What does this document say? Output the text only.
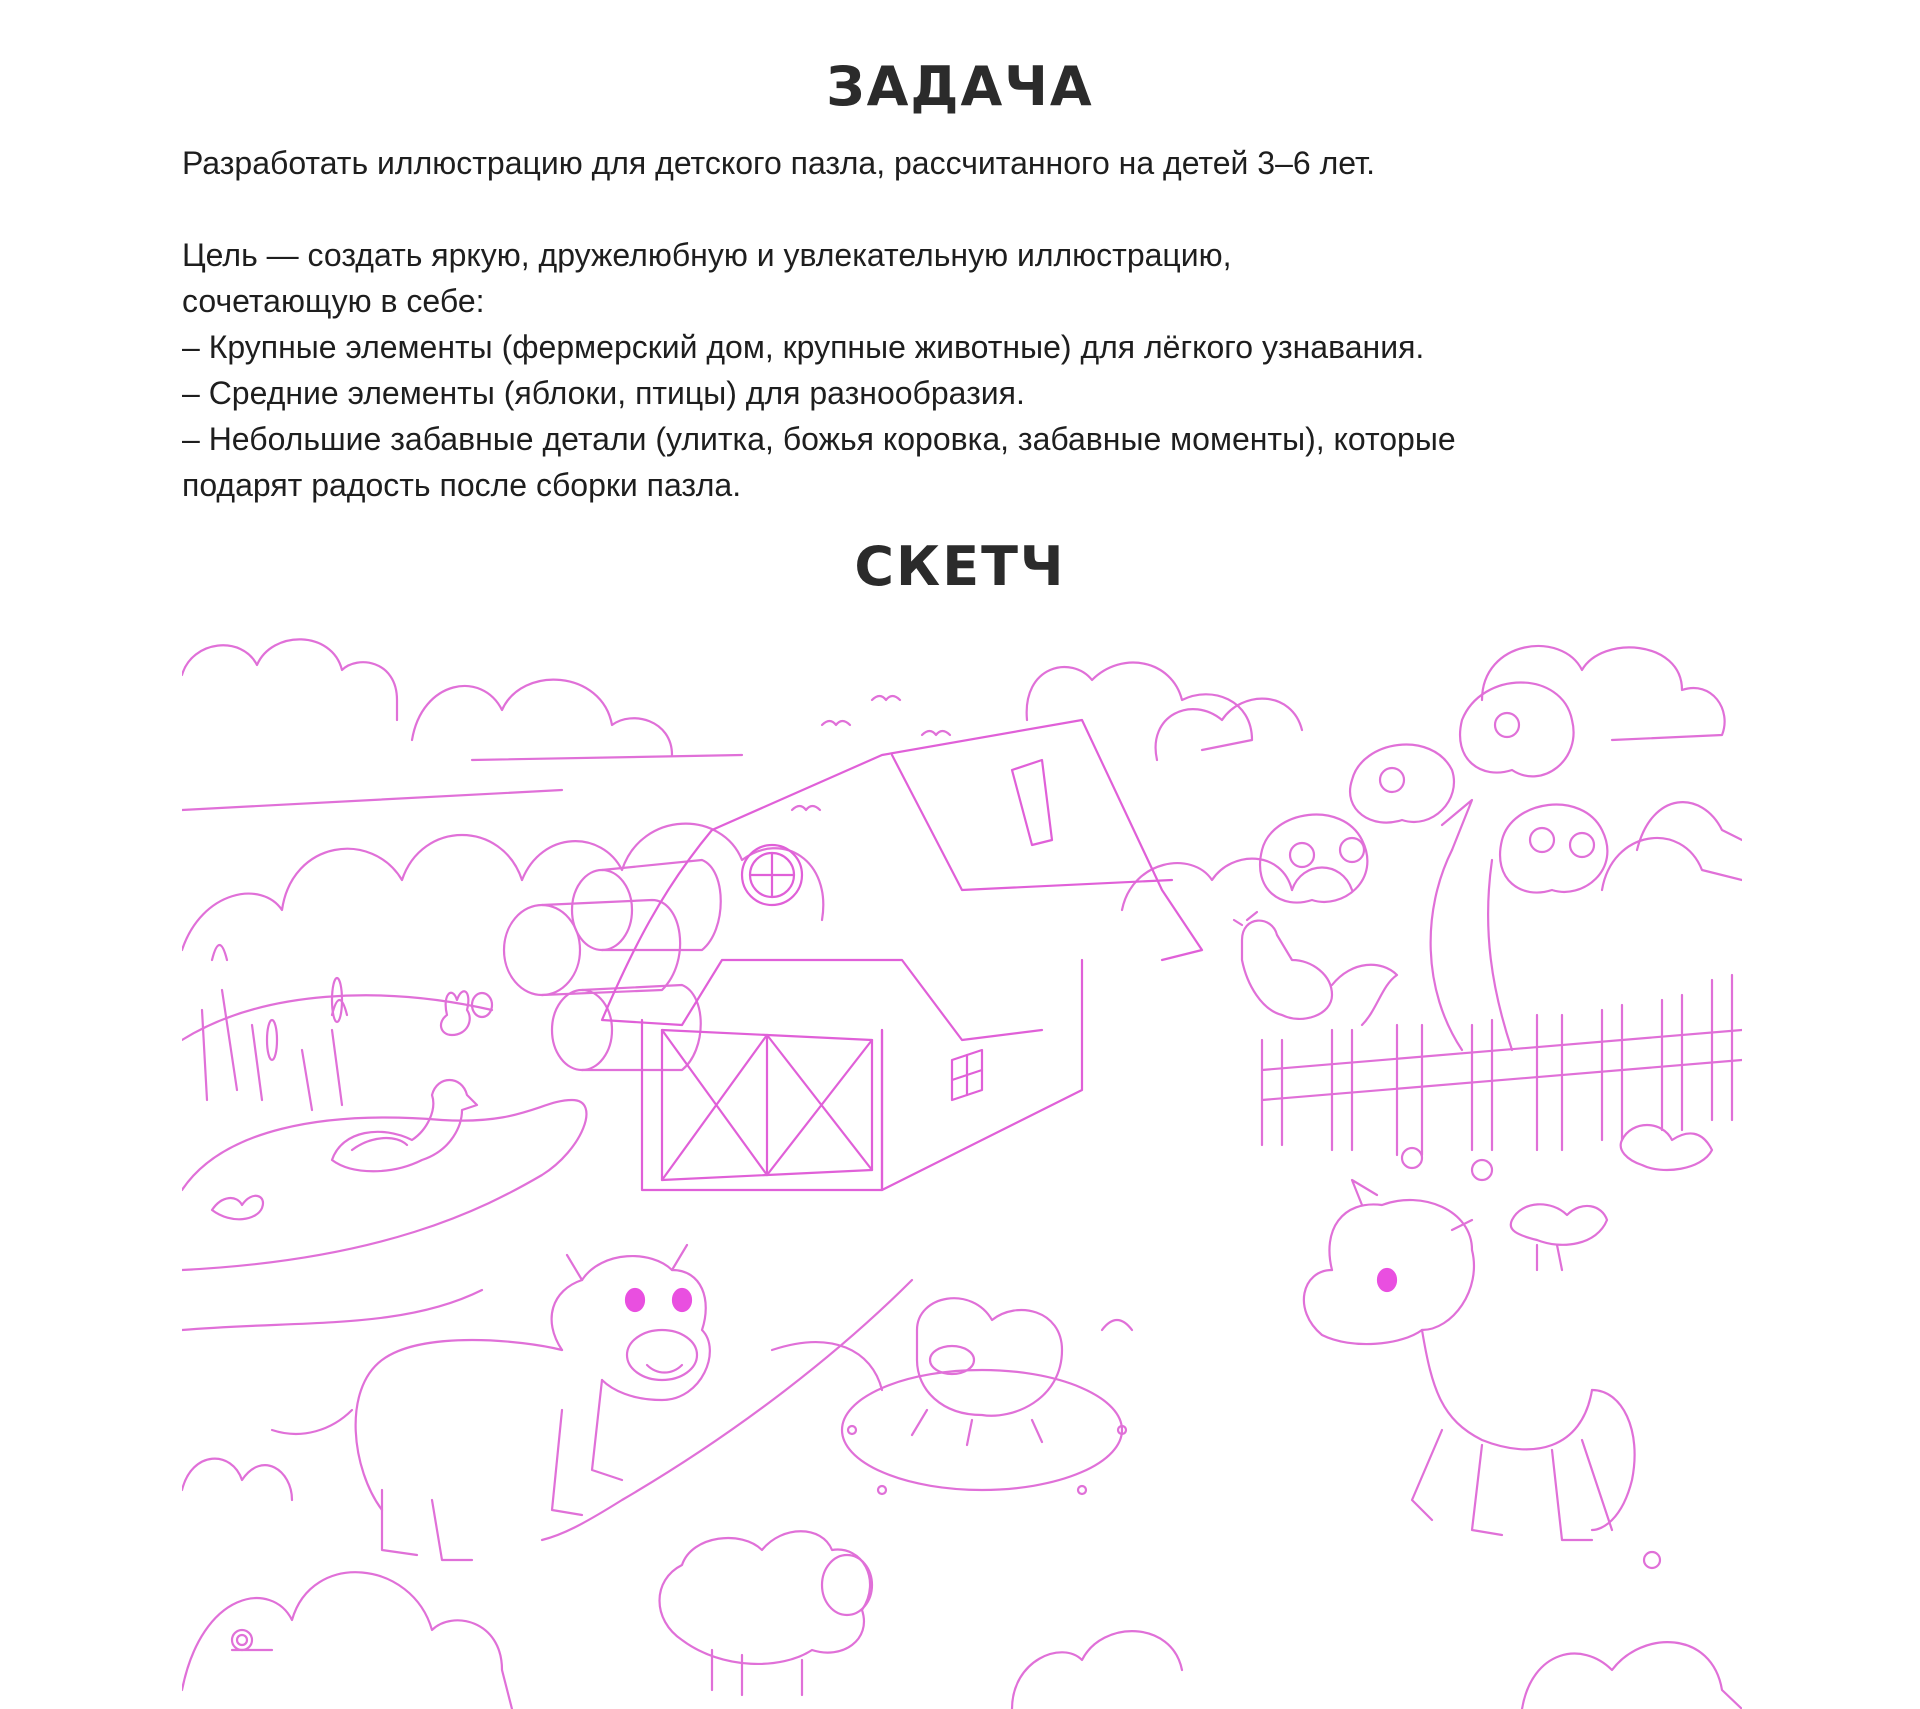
ЗАДАЧА

Разработать иллюстрацию для детского пазла, рассчитанного на детей 3–6 лет.

Цель — создать яркую, дружелюбную и увлекательную иллюстрацию,
сочетающую в себе:
– Крупные элементы (фермерский дом, крупные животные) для лёгкого узнавания.
– Средние элементы (яблоки, птицы) для разнообразия.
– Небольшие забавные детали (улитка, божья коровка, забавные моменты), которые
подарят радость после сборки пазла.
СКЕТЧ
